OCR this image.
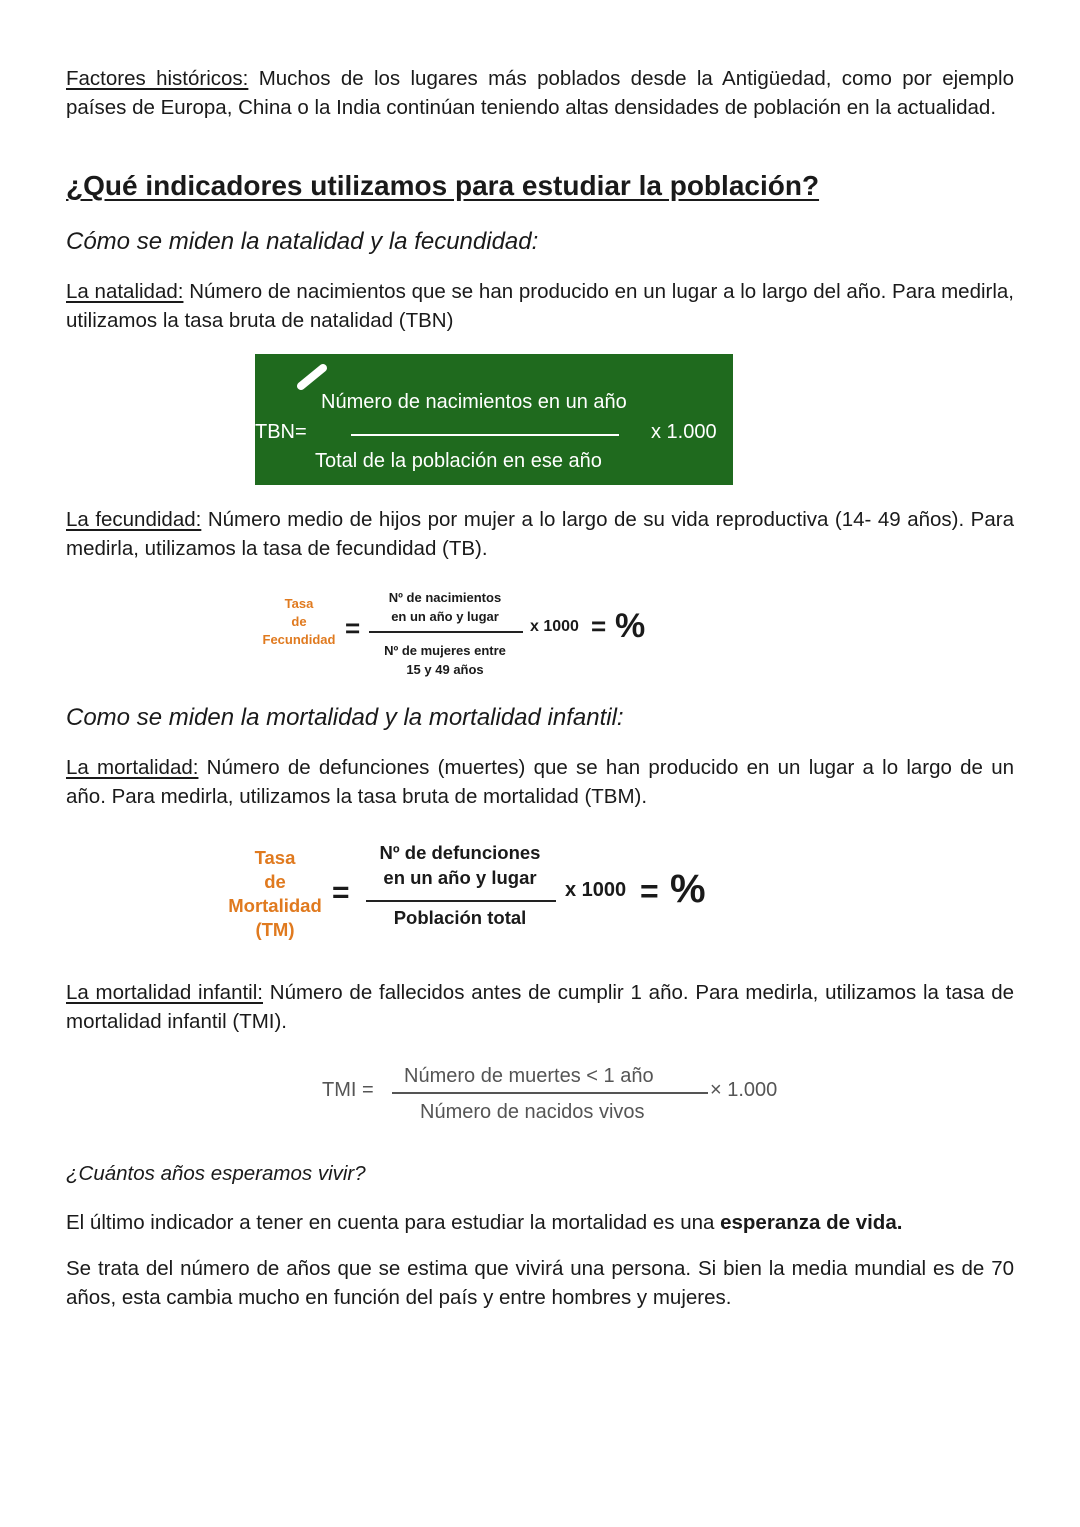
Factores históricos: Muchos de los lugares más poblados desde la Antigüedad, como por ejemplo países de Europa, China o la India continúan teniendo altas densidades de población en la actualidad.

¿Qué indicadores utilizamos para estudiar la población?
Cómo se miden la natalidad y la fecundidad:

La natalidad: Número de nacimientos que se han producido en un lugar a lo largo del año. Para medirla, utilizamos la tasa bruta de natalidad (TBN)

Número de nacimientos en un año
TBN=	x 1.000
Total de la población en ese año

La fecundidad: Número medio de hijos por mujer a lo largo de su vida reproductiva (14- 49 años). Para medirla, utilizamos la tasa de fecundidad (TB).

Tasa
de
Fecundidad =
Nº de nacimientos
en un año y lugar
Nº de mujeres entre
15 y 49 años
x 1000 = %
Como se miden la mortalidad y la mortalidad infantil:

La mortalidad: Número de defunciones (muertes) que se han producido en un lugar a lo largo de un año. Para medirla, utilizamos la tasa bruta de mortalidad (TBM).

Tasa
de
Mortalidad
(TM)
=
Nº de defunciones
en un año y lugar
Población total
x 1000 = %

La mortalidad infantil: Número de fallecidos antes de cumplir 1 año. Para medirla, utilizamos la tasa de mortalidad infantil (TMI).

TMI =
Número de muertes < 1 año
Número de nacidos vivos
× 1.000
¿Cuántos años esperamos vivir?

El último indicador a tener en cuenta para estudiar la mortalidad es una esperanza de vida.

Se trata del número de años que se estima que vivirá una persona. Si bien la media mundial es de 70 años, esta cambia mucho en función del país y entre hombres y mujeres.
